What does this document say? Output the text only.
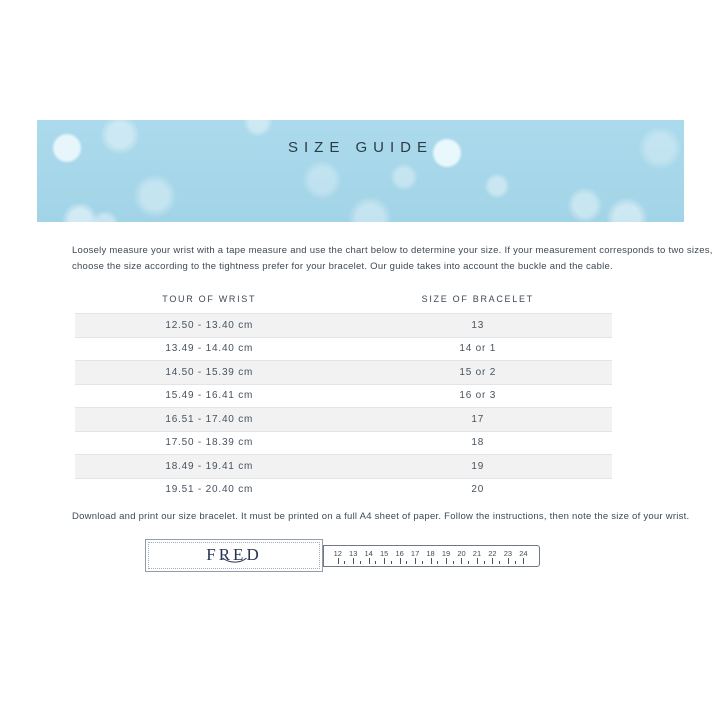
SIZE GUIDE
Loosely measure your wrist with a tape measure and use the chart below to determine your size. If your measurement corresponds to two sizes,
choose the size according to the tightness prefer for your bracelet. Our guide takes into account the buckle and the cable.
TOUR OF WRIST	SIZE OF BRACELET
12.50 - 13.40 cm	13
13.49 - 14.40 cm	14 or 1
14.50 - 15.39 cm	15 or 2
15.49 - 16.41 cm	16 or 3
16.51 - 17.40 cm	17
17.50 - 18.39 cm	18
18.49 - 19.41 cm	19
19.51 - 20.40 cm	20
Download and print our size bracelet. It must be printed on a full A4 sheet of paper. Follow the instructions, then note the size of your wrist.
12 13 14 15 16 17 18 19 20 21 22 23 24
FRED
